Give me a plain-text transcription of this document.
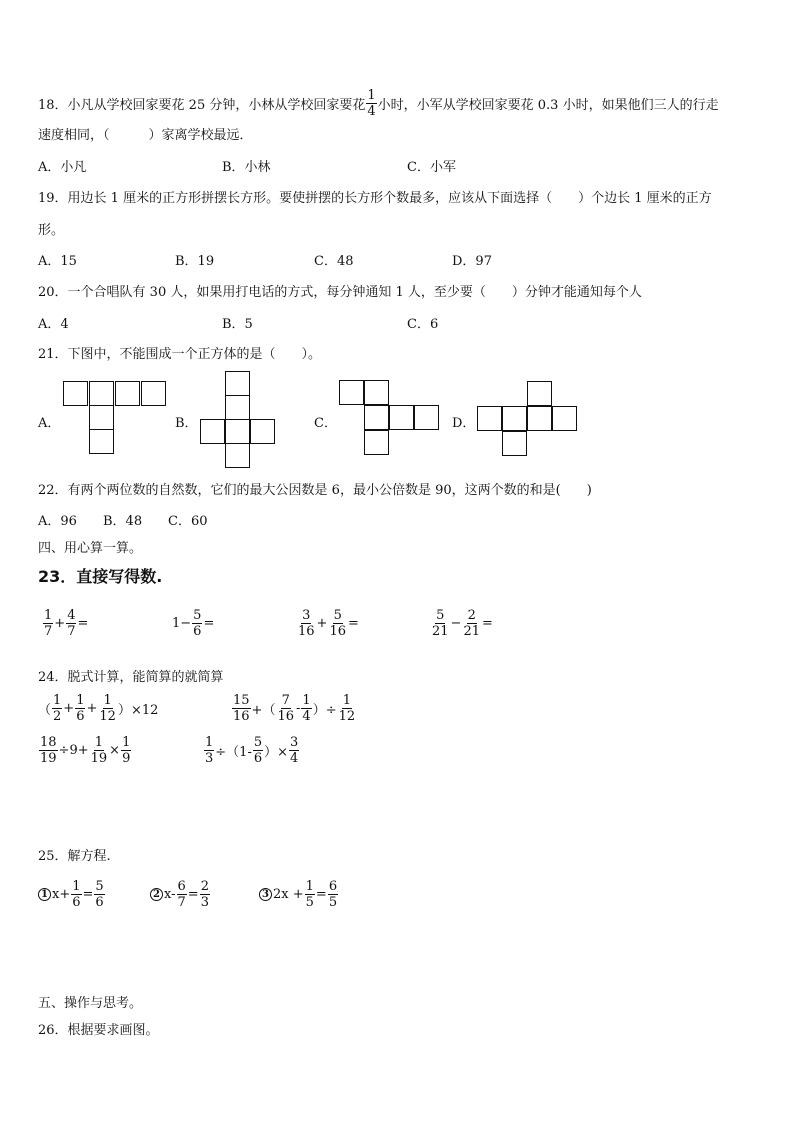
18． 小凡从学校回家要花 25 分钟，小林从学校回家要花 $\frac{1}{4}$ 小时，小军从学校回家要花 0.3 小时，如果他们三人的行走
速度相同，（　　　）家离学校最远．
A．小凡	B．小林	C．小军
19．用边长 1 厘米的正方形拼摆长方形。要使拼摆的长方形个数最多，应该从下面选择（　　）个边长 1 厘米的正方
形。
A．15	B．19	C．48	D．97
20．一个合唱队有 30 人，如果用打电话的方式，每分钟通知 1 人，至少要（　　）分钟才能通知每个人
A．4	B．5	C．6
21．下图中，不能围成一个正方体的是（　　）。
A．	B．	C．	D．
22．有两个两位数的自然数，它们的最大公因数是 6，最小公倍数是 90，这两个数的和是(　　)
A．96 B．48 C．60
四、用心算一算。
23．直接写得数.
$\frac{1}{7} + \frac{4}{7}$ =	$1- \frac{5}{6}$ =	$\frac{3}{16} + \frac{5}{16}$ =	$\frac{5}{21} - \frac{2}{21}$ =
24．脱式计算，能简算的就简算
（ $\frac{1}{2} + \frac{1}{6} + \frac{1}{12} )\times 12$	$\frac{15}{16}$ +（ $\frac{7}{16} - \frac{1}{4}$ ）÷ $\frac{1}{12}$
$\frac{18}{19} \div 9+ \frac{1}{19} \times \frac{1}{9}$	$\frac{1}{3} \div(1- \frac{5}{6}$ ）× $\frac{3}{4}$
25．解方程.
1 $x+ \frac{1}{6} = \frac{5}{6}$	2 $x- \frac{6}{7} = \frac{2}{3}$	3 $2x + \frac{1}{5} = \frac{6}{5}$
五、操作与思考。
26．根据要求画图。
